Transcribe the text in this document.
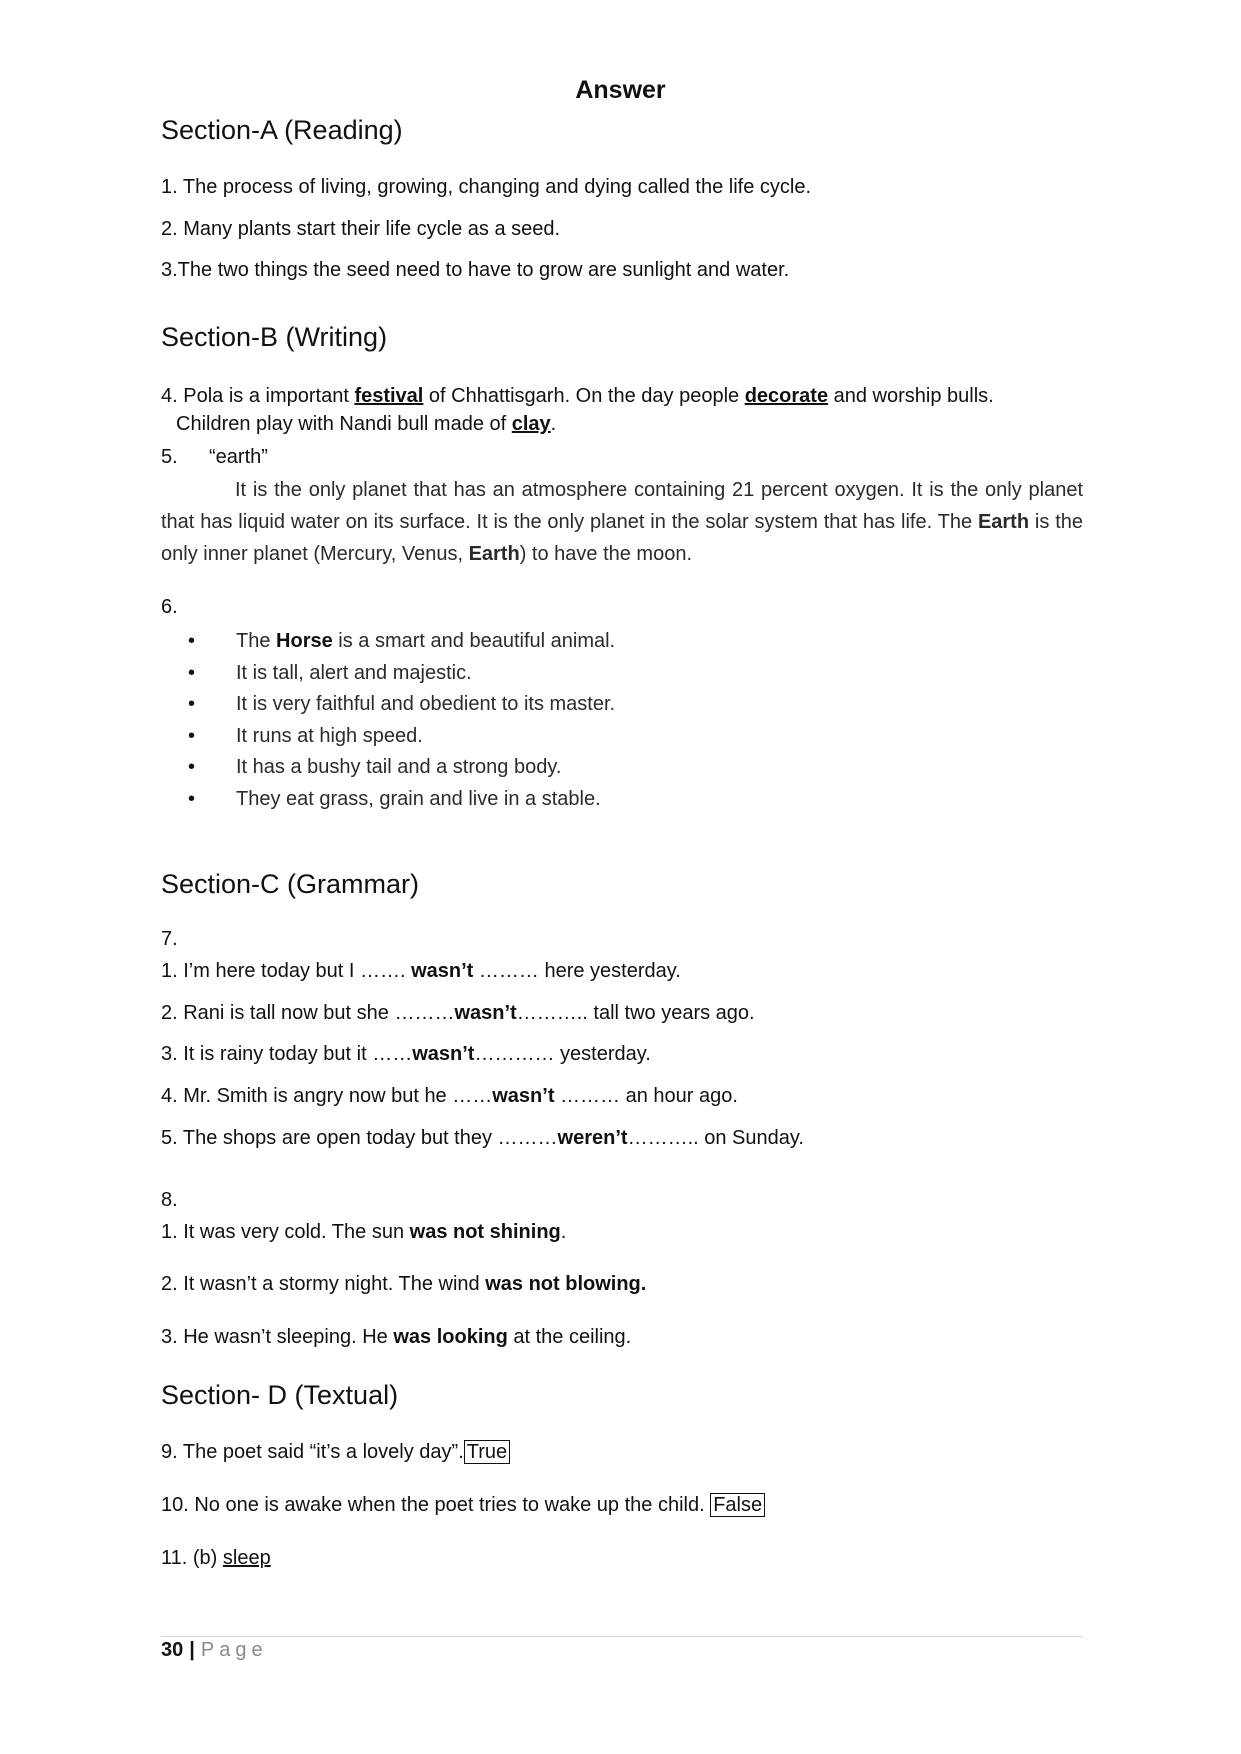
Answer
Section-A (Reading)
1. The process of living, growing, changing and dying called the life cycle.
2. Many plants start their life cycle as a seed.
3.The two things the seed need to have to grow are sunlight and water.
Section-B (Writing)
4. Pola is a important festival of Chhattisgarh. On the day people decorate and worship bulls.
Children play with Nandi bull made of clay.
5. “earth”
It is the only planet that has an atmosphere containing 21 percent oxygen. It is the only planet that has liquid water on its surface. It is the only planet in the solar system that has life. The Earth is the only inner planet (Mercury, Venus, Earth) to have the moon.
6.
• The Horse is a smart and beautiful animal.
• It is tall, alert and majestic.
• It is very faithful and obedient to its master.
• It runs at high speed.
• It has a bushy tail and a strong body.
• They eat grass, grain and live in a stable.
Section-C (Grammar)
7.
1. I’m here today but I ……. wasn’t ……… here yesterday.
2. Rani is tall now but she ………wasn’t……….. tall two years ago.
3. It is rainy today but it ……wasn’t………… yesterday.
4. Mr. Smith is angry now but he ……wasn’t ……… an hour ago.
5. The shops are open today but they ………weren’t……….. on Sunday.
8.
1. It was very cold. The sun was not shining.
2. It wasn’t a stormy night. The wind was not blowing.
3. He wasn’t sleeping. He was looking at the ceiling.
Section- D (Textual)
9. The poet said “it’s a lovely day”. True
10. No one is awake when the poet tries to wake up the child. False
11. (b) sleep
30 | Page
